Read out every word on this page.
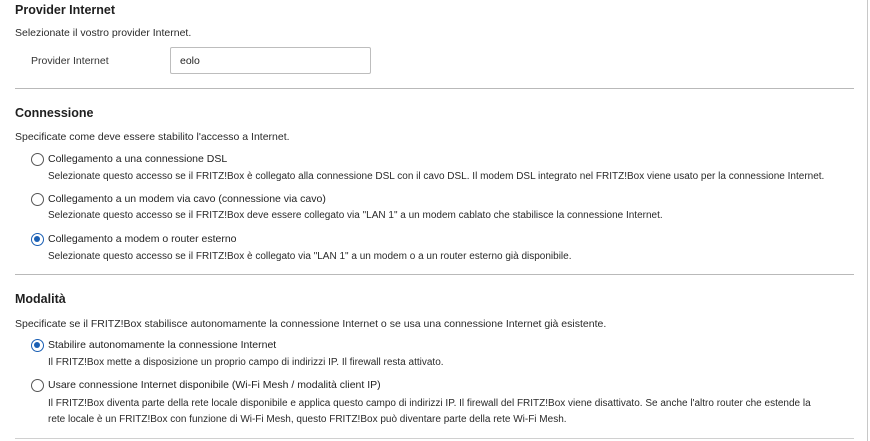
Provider Internet
Selezionate il vostro provider Internet.
Provider Internet
eolo
Connessione
Specificate come deve essere stabilito l'accesso a Internet.
Collegamento a una connessione DSL
Selezionate questo accesso se il FRITZ!Box è collegato alla connessione DSL con il cavo DSL. Il modem DSL integrato nel FRITZ!Box viene usato per la connessione Internet.
Collegamento a un modem via cavo (connessione via cavo)
Selezionate questo accesso se il FRITZ!Box deve essere collegato via "LAN 1" a un modem cablato che stabilisce la connessione Internet.
Collegamento a modem o router esterno
Selezionate questo accesso se il FRITZ!Box è collegato via "LAN 1" a un modem o a un router esterno già disponibile.
Modalità
Specificate se il FRITZ!Box stabilisce autonomamente la connessione Internet o se usa una connessione Internet già esistente.
Stabilire autonomamente la connessione Internet
Il FRITZ!Box mette a disposizione un proprio campo di indirizzi IP. Il firewall resta attivato.
Usare connessione Internet disponibile (Wi-Fi Mesh / modalità client IP)
Il FRITZ!Box diventa parte della rete locale disponibile e applica questo campo di indirizzi IP. Il firewall del FRITZ!Box viene disattivato. Se anche l'altro router che estende la
rete locale è un FRITZ!Box con funzione di Wi-Fi Mesh, questo FRITZ!Box può diventare parte della rete Wi-Fi Mesh.
